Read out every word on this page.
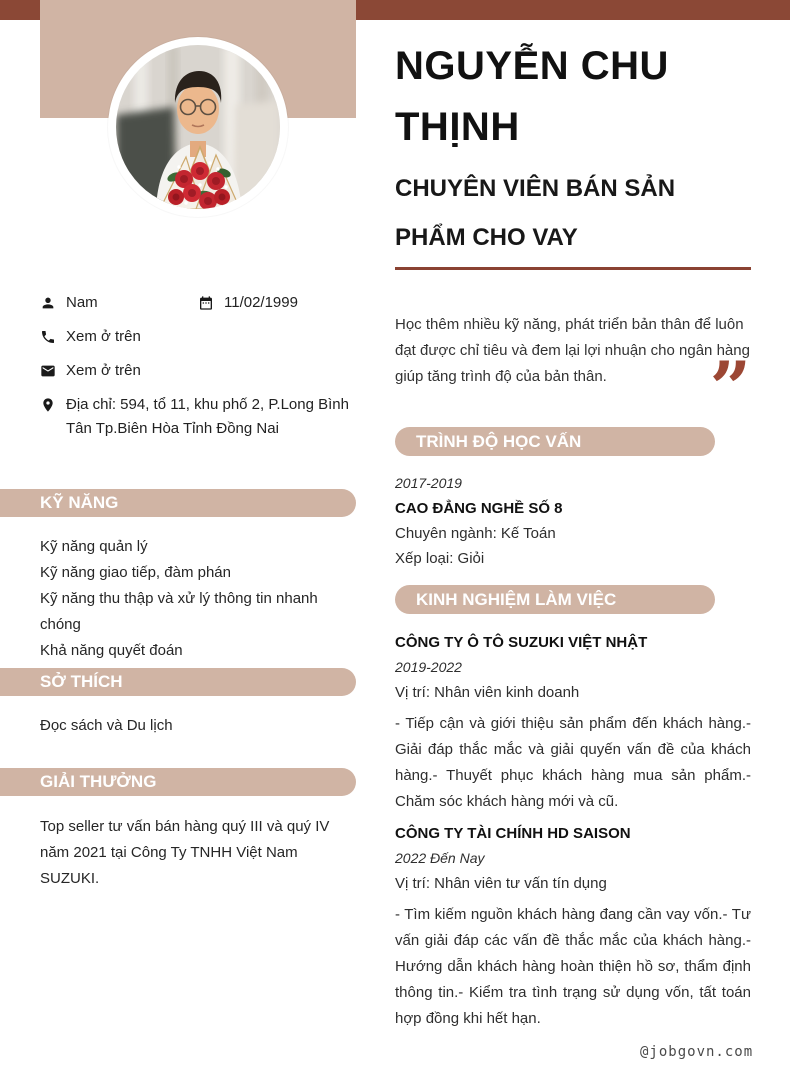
NGUYỄN CHU THỊNH
CHUYÊN VIÊN BÁN SẢN PHẨM CHO VAY
Học thêm nhiều kỹ năng, phát triển bản thân để luôn đạt được chỉ tiêu và đem lại lợi nhuận cho ngân hàng giúp tăng trình độ của bản thân.	”
TRÌNH ĐỘ HỌC VẤN
2017-2019
CAO ĐẲNG NGHỀ SỐ 8
Chuyên ngành: Kế Toán
Xếp loại: Giỏi
KINH NGHIỆM LÀM VIỆC
CÔNG TY Ô TÔ SUZUKI VIỆT NHẬT
2019-2022
Vị trí: Nhân viên kinh doanh
- Tiếp cận và giới thiệu sản phẩm đến khách hàng.- Giải đáp thắc mắc và giải quyến vấn đề của khách hàng.- Thuyết phục khách hàng mua sản phẩm.- Chăm sóc khách hàng mới và cũ.
CÔNG TY TÀI CHÍNH HD SAISON
2022 Đến Nay
Vị trí: Nhân viên tư vấn tín dụng
- Tìm kiếm nguồn khách hàng đang cần vay vốn.- Tư vấn giải đáp các vấn đề thắc mắc của khách hàng.- Hướng dẫn khách hàng hoàn thiện hồ sơ, thẩm định thông tin.- Kiểm tra tình trạng sử dụng vốn, tất toán hợp đồng khi hết hạn.
Nam	11/02/1999
Xem ở trên
Xem ở trên
Địa chỉ: 594, tổ 11, khu phố 2, P.Long Bình Tân Tp.Biên Hòa Tỉnh Đồng Nai
KỸ NĂNG
Kỹ năng quản lý
Kỹ năng giao tiếp, đàm phán
Kỹ năng thu thập và xử lý thông tin nhanh chóng
Khả năng quyết đoán
SỞ THÍCH
Đọc sách và Du lịch
GIẢI THƯỞNG
Top seller tư vấn bán hàng quý III và quý IV năm 2021 tại Công Ty TNHH Việt Nam SUZUKI.
@jobgovn.com
